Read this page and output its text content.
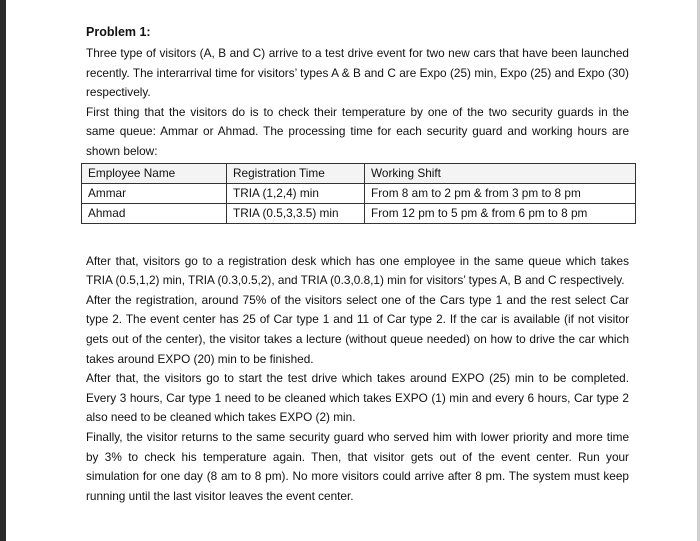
Problem 1:

Three type of visitors (A, B and C) arrive to a test drive event for two new cars that have been launched recently. The interarrival time for visitors’ types A & B and C are Expo (25) min, Expo (25) and Expo (30) respectively.

First thing that the visitors do is to check their temperature by one of the two security guards in the same queue: Ammar or Ahmad. The processing time for each security guard and working hours are shown below:

Employee Name	Registration Time	Working Shift
Ammar	TRIA (1,2,4) min	From 8 am to 2 pm & from 3 pm to 8 pm
Ahmad	TRIA (0.5,3,3.5) min	From 12 pm to 5 pm & from 6 pm to 8 pm

After that, visitors go to a registration desk which has one employee in the same queue which takes TRIA (0.5,1,2) min, TRIA (0.3,0.5,2), and TRIA (0.3,0.8,1) min for visitors’ types A, B and C respectively.

After the registration, around 75% of the visitors select one of the Cars type 1 and the rest select Car type 2. The event center has 25 of Car type 1 and 11 of Car type 2. If the car is available (if not visitor gets out of the center), the visitor takes a lecture (without queue needed) on how to drive the car which takes around EXPO (20) min to be finished.

After that, the visitors go to start the test drive which takes around EXPO (25) min to be completed. Every 3 hours, Car type 1 need to be cleaned which takes EXPO (1) min and every 6 hours, Car type 2 also need to be cleaned which takes EXPO (2) min.

Finally, the visitor returns to the same security guard who served him with lower priority and more time by 3% to check his temperature again. Then, that visitor gets out of the event center. Run your simulation for one day (8 am to 8 pm). No more visitors could arrive after 8 pm. The system must keep running until the last visitor leaves the event center.
